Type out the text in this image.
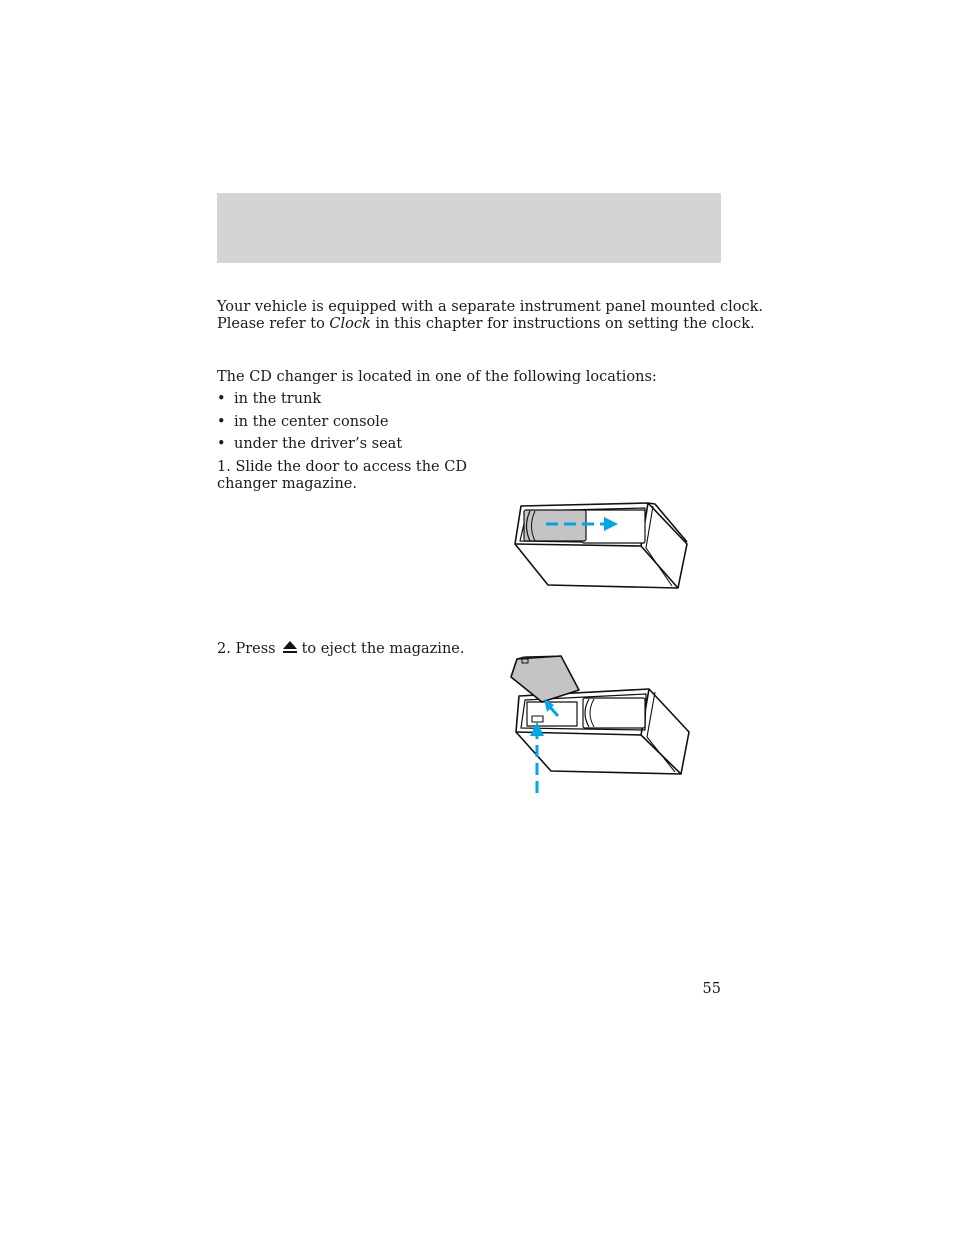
Your vehicle is equipped with a separate instrument panel mounted clock.
Please refer to Clock in this chapter for instructions on setting the clock.

The CD changer is located in one of the following locations:

• in the trunk
• in the center console
• under the driver’s seat

1. Slide the door to access the CD
changer magazine.

2. Press to eject the magazine.

55
